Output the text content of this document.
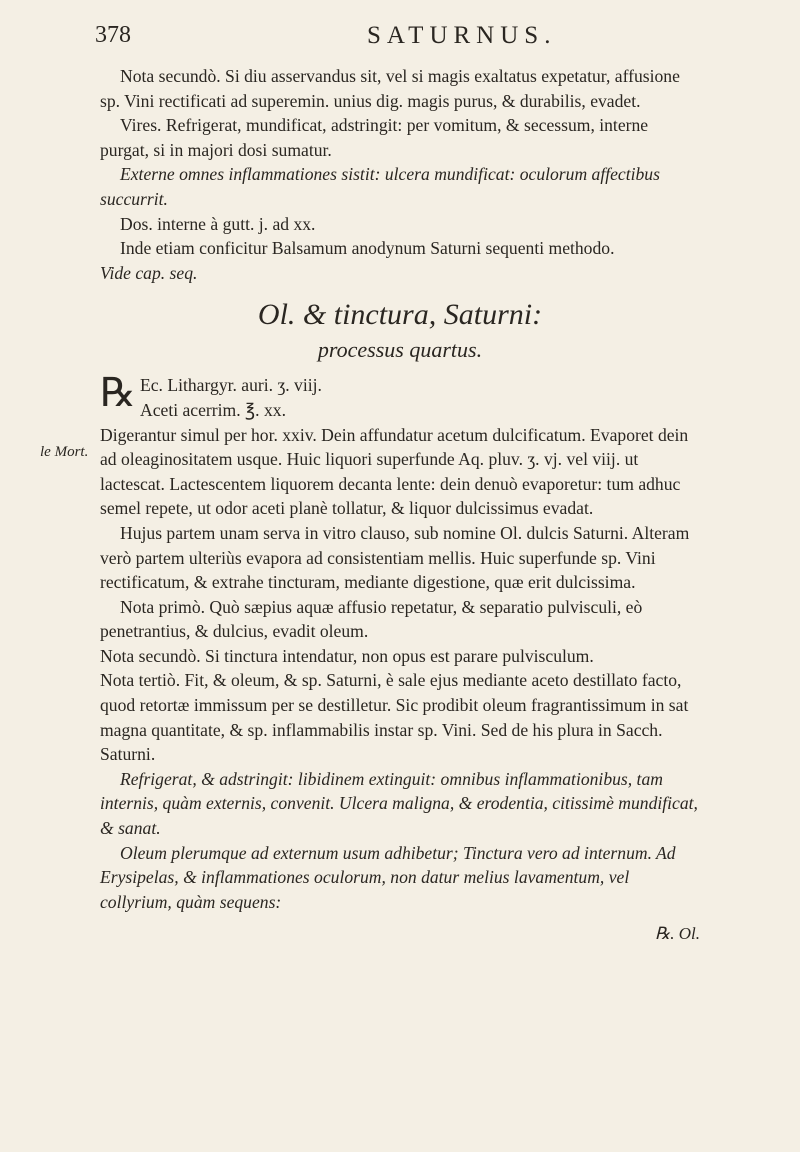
378	SATURNUS.
le Mort.

Nota secundò. Si diu asservandus sit, vel si magis exaltatus expetatur, affusione sp. Vini rectificati ad superemin. unius dig. magis purus, & durabilis, evadet.

Vires. Refrigerat, mundificat, adstringit: per vomitum, & secessum, interne purgat, si in majori dosi sumatur.

Externe omnes inflammationes sistit: ulcera mundificat: oculorum affectibus succurrit.

Dos. interne à gutt. j. ad xx.

Inde etiam conficitur Balsamum anodynum Saturni sequenti methodo.

Vide cap. seq.

Ol. & tinctura, Saturni:
processus quartus.
℞ Ec. Lithargyr. auri. ʒ. viij.
Aceti acerrim. ℥. xx.

Digerantur simul per hor. xxiv. Dein affundatur acetum dulcificatum. Evaporet dein ad oleaginositatem usque. Huic liquori superfunde Aq. pluv. ʒ. vj. vel viij. ut lactescat. Lactescentem liquorem decanta lente: dein denuò evaporetur: tum adhuc semel repete, ut odor aceti planè tollatur, & liquor dulcissimus evadat.

Hujus partem unam serva in vitro clauso, sub nomine Ol. dulcis Saturni. Alteram verò partem ulteriùs evapora ad consistentiam mellis. Huic superfunde sp. Vini rectificatum, & extrahe tincturam, mediante digestione, quæ erit dulcissima.

Nota primò. Quò sæpius aquæ affusio repetatur, & separatio pulvisculi, eò penetrantius, & dulcius, evadit oleum.

Nota secundò. Si tinctura intendatur, non opus est parare pulvisculum.

Nota tertiò. Fit, & oleum, & sp. Saturni, è sale ejus mediante aceto destillato facto, quod retortæ immissum per se destilletur. Sic prodibit oleum fragrantissimum in sat magna quantitate, & sp. inflammabilis instar sp. Vini. Sed de his plura in Sacch. Saturni.

Refrigerat, & adstringit: libidinem extinguit: omnibus inflammationibus, tam internis, quàm externis, convenit. Ulcera maligna, & erodentia, citissimè mundificat, & sanat.

Oleum plerumque ad externum usum adhibetur; Tinctura vero ad internum. Ad Erysipelas, & inflammationes oculorum, non datur melius lavamentum, vel collyrium, quàm sequens:

℞. Ol.
